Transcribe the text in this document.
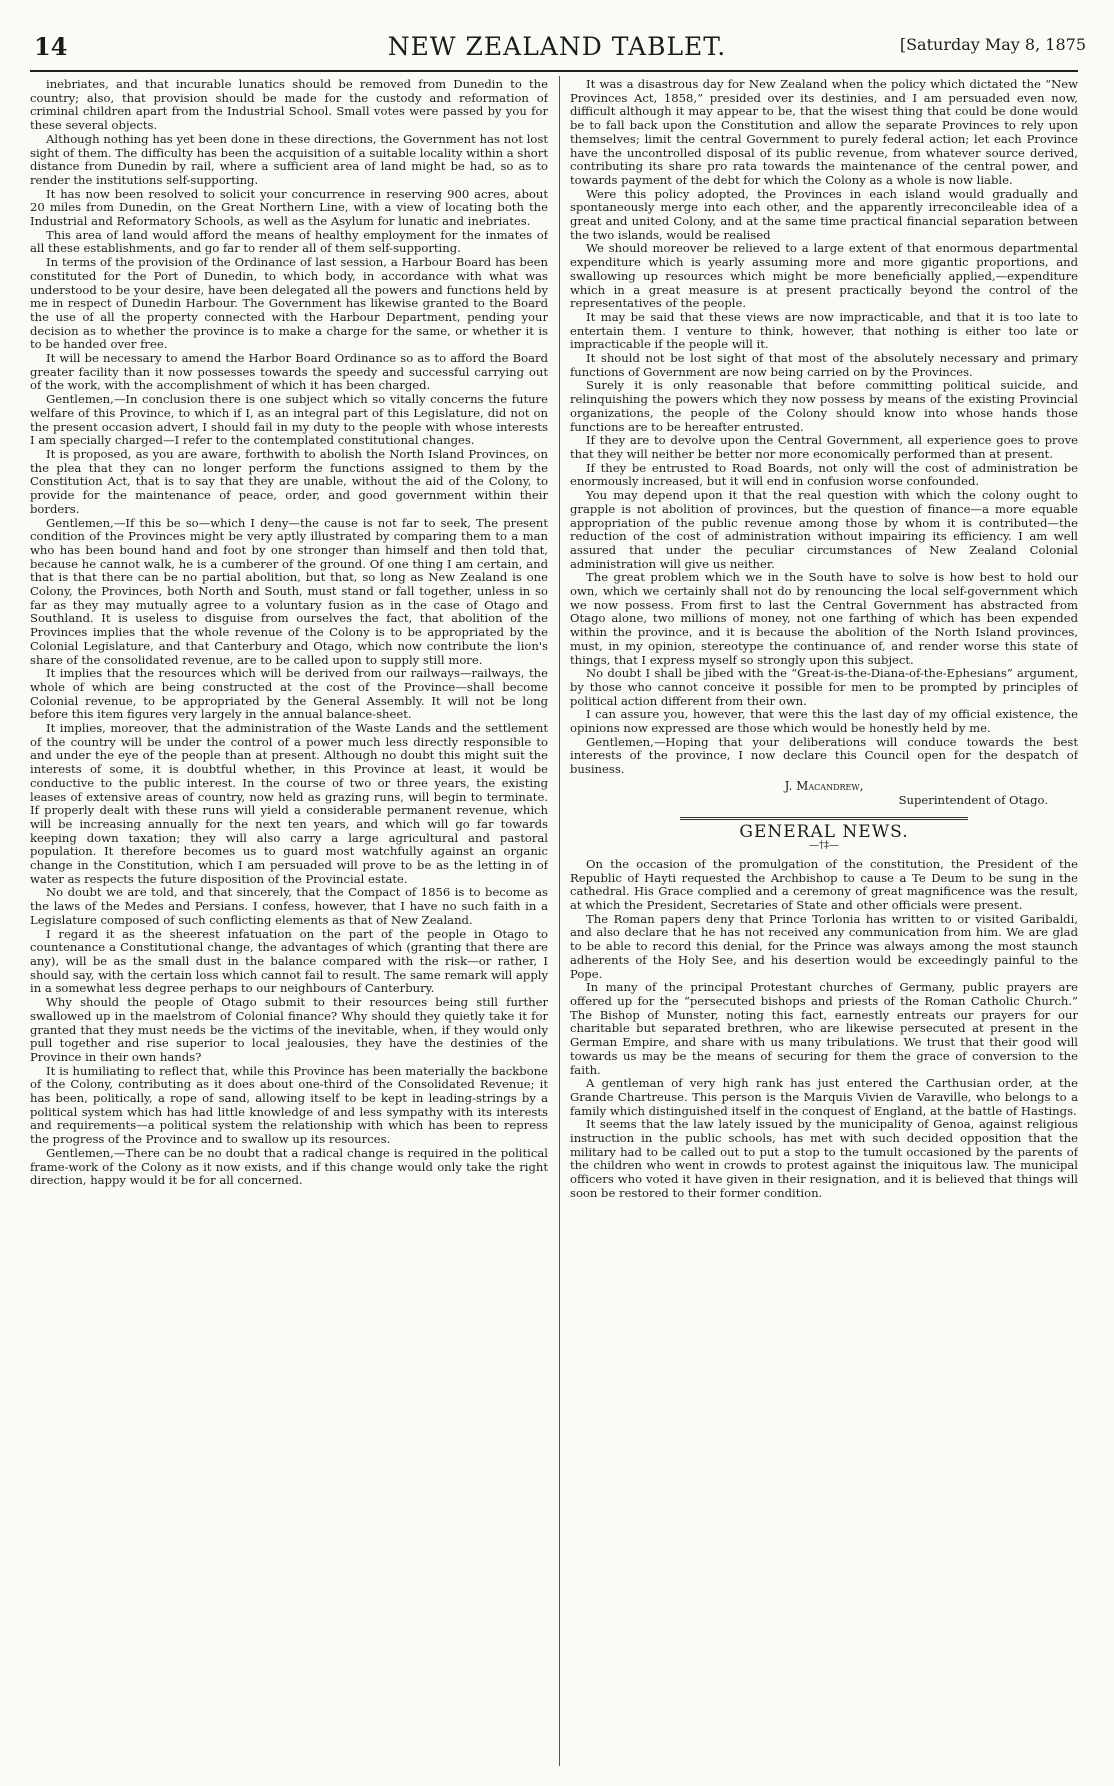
14	NEW ZEALAND TABLET.	[Saturday May 8, 1875

inebriates, and that incurable lunatics should be removed from Dunedin to the country; also, that provision should be made for the custody and reformation of criminal children apart from the Industrial School. Small votes were passed by you for these several objects.

Although nothing has yet been done in these directions, the Government has not lost sight of them. The difficulty has been the acquisition of a suitable locality within a short distance from Dunedin by rail, where a sufficient area of land might be had, so as to render the institutions self-supporting.

It has now been resolved to solicit your concurrence in reserving 900 acres, about 20 miles from Dunedin, on the Great Northern Line, with a view of locating both the Industrial and Reformatory Schools, as well as the Asylum for lunatic and inebriates.

This area of land would afford the means of healthy employment for the inmates of all these establishments, and go far to render all of them self-supporting.

In terms of the provision of the Ordinance of last session, a Harbour Board has been constituted for the Port of Dunedin, to which body, in accordance with what was understood to be your desire, have been delegated all the powers and functions held by me in respect of Dunedin Harbour. The Government has likewise granted to the Board the use of all the property connected with the Harbour Department, pending your decision as to whether the province is to make a charge for the same, or whether it is to be handed over free.

It will be necessary to amend the Harbor Board Ordinance so as to afford the Board greater facility than it now possesses towards the speedy and successful carrying out of the work, with the accomplishment of which it has been charged.

Gentlemen,—In conclusion there is one subject which so vitally concerns the future welfare of this Province, to which if I, as an integral part of this Legislature, did not on the present occasion advert, I should fail in my duty to the people with whose interests I am specially charged—I refer to the contemplated constitutional changes.

It is proposed, as you are aware, forthwith to abolish the North Island Provinces, on the plea that they can no longer perform the functions assigned to them by the Constitution Act, that is to say that they are unable, without the aid of the Colony, to provide for the maintenance of peace, order, and good government within their borders.

Gentlemen,—If this be so—which I deny—the cause is not far to seek, The present condition of the Provinces might be very aptly illustrated by comparing them to a man who has been bound hand and foot by one stronger than himself and then told that, because he cannot walk, he is a cumberer of the ground. Of one thing I am certain, and that is that there can be no partial abolition, but that, so long as New Zealand is one Colony, the Provinces, both North and South, must stand or fall together, unless in so far as they may mutually agree to a voluntary fusion as in the case of Otago and Southland. It is useless to disguise from ourselves the fact, that abolition of the Provinces implies that the whole revenue of the Colony is to be appropriated by the Colonial Legislature, and that Canterbury and Otago, which now contribute the lion's share of the consolidated revenue, are to be called upon to supply still more.

It implies that the resources which will be derived from our railways—railways, the whole of which are being constructed at the cost of the Province—shall become Colonial revenue, to be appropriated by the General Assembly. It will not be long before this item figures very largely in the annual balance-sheet.

It implies, moreover, that the administration of the Waste Lands and the settlement of the country will be under the control of a power much less directly responsible to and under the eye of the people than at present. Although no doubt this might suit the interests of some, it is doubtful whether, in this Province at least, it would be conductive to the public interest. In the course of two or three years, the existing leases of extensive areas of country, now held as grazing runs, will begin to terminate. If properly dealt with these runs will yield a considerable permanent revenue, which will be increasing annually for the next ten years, and which will go far towards keeping down taxation; they will also carry a large agricultural and pastoral population. It therefore becomes us to guard most watchfully against an organic change in the Constitution, which I am persuaded will prove to be as the letting in of water as respects the future disposition of the Provincial estate.

No doubt we are told, and that sincerely, that the Compact of 1856 is to become as the laws of the Medes and Persians. I confess, however, that I have no such faith in a Legislature composed of such conflicting elements as that of New Zealand.

I regard it as the sheerest infatuation on the part of the people in Otago to countenance a Constitutional change, the advantages of which (granting that there are any), will be as the small dust in the balance compared with the risk—or rather, I should say, with the certain loss which cannot fail to result. The same remark will apply in a somewhat less degree perhaps to our neighbours of Canterbury.

Why should the people of Otago submit to their resources being still further swallowed up in the maelstrom of Colonial finance? Why should they quietly take it for granted that they must needs be the victims of the inevitable, when, if they would only pull together and rise superior to local jealousies, they have the destinies of the Province in their own hands?

It is humiliating to reflect that, while this Province has been materially the backbone of the Colony, contributing as it does about one-third of the Consolidated Revenue; it has been, politically, a rope of sand, allowing itself to be kept in leading-strings by a political system which has had little knowledge of and less sympathy with its interests and requirements—a political system the relationship with which has been to repress the progress of the Province and to swallow up its resources.

Gentlemen,—There can be no doubt that a radical change is required in the political frame-work of the Colony as it now exists, and if this change would only take the right direction, happy would it be for all concerned.

It was a disastrous day for New Zealand when the policy which dictated the “New Provinces Act, 1858,” presided over its destinies, and I am persuaded even now, difficult although it may appear to be, that the wisest thing that could be done would be to fall back upon the Constitution and allow the separate Provinces to rely upon themselves; limit the central Government to purely federal action; let each Province have the uncontrolled disposal of its public revenue, from whatever source derived, contributing its share pro rata towards the maintenance of the central power, and towards payment of the debt for which the Colony as a whole is now liable.

Were this policy adopted, the Provinces in each island would gradually and spontaneously merge into each other, and the apparently irreconcileable idea of a great and united Colony, and at the same time practical financial separation between the two islands, would be realised

We should moreover be relieved to a large extent of that enormous departmental expenditure which is yearly assuming more and more gigantic proportions, and swallowing up resources which might be more beneficially applied,—expenditure which in a great measure is at present practically beyond the control of the representatives of the people.

It may be said that these views are now impracticable, and that it is too late to entertain them. I venture to think, however, that nothing is either too late or impracticable if the people will it.

It should not be lost sight of that most of the absolutely necessary and primary functions of Government are now being carried on by the Provinces.

Surely it is only reasonable that before committing political suicide, and relinquishing the powers which they now possess by means of the existing Provincial organizations, the people of the Colony should know into whose hands those functions are to be hereafter entrusted.

If they are to devolve upon the Central Government, all experience goes to prove that they will neither be better nor more economically performed than at present.

If they be entrusted to Road Boards, not only will the cost of administration be enormously increased, but it will end in confusion worse confounded.

You may depend upon it that the real question with which the colony ought to grapple is not abolition of provinces, but the question of finance—a more equable appropriation of the public revenue among those by whom it is contributed—the reduction of the cost of administration without impairing its efficiency. I am well assured that under the peculiar circumstances of New Zealand Colonial administration will give us neither.

The great problem which we in the South have to solve is how best to hold our own, which we certainly shall not do by renouncing the local self-government which we now possess. From first to last the Central Government has abstracted from Otago alone, two millions of money, not one farthing of which has been expended within the province, and it is because the abolition of the North Island provinces, must, in my opinion, stereotype the continuance of, and render worse this state of things, that I express myself so strongly upon this subject.

No doubt I shall be jibed with the “Great-is-the-Diana-of-the-Ephesians” argument, by those who cannot conceive it possible for men to be prompted by principles of political action different from their own.

I can assure you, however, that were this the last day of my official existence, the opinions now expressed are those which would be honestly held by me.

Gentlemen,—Hoping that your deliberations will conduce towards the best interests of the province, I now declare this Council open for the despatch of business.

J. Macandrew,
Superintendent of Otago.
GENERAL NEWS.
—†‡—

On the occasion of the promulgation of the constitution, the President of the Republic of Hayti requested the Archbishop to cause a Te Deum to be sung in the cathedral. His Grace complied and a ceremony of great magnificence was the result, at which the President, Secretaries of State and other officials were present.

The Roman papers deny that Prince Torlonia has written to or visited Garibaldi, and also declare that he has not received any communication from him. We are glad to be able to record this denial, for the Prince was always among the most staunch adherents of the Holy See, and his desertion would be exceedingly painful to the Pope.

In many of the principal Protestant churches of Germany, public prayers are offered up for the “persecuted bishops and priests of the Roman Catholic Church.” The Bishop of Munster, noting this fact, earnestly entreats our prayers for our charitable but separated brethren, who are likewise persecuted at present in the German Empire, and share with us many tribulations. We trust that their good will towards us may be the means of securing for them the grace of conversion to the faith.

A gentleman of very high rank has just entered the Carthusian order, at the Grande Chartreuse. This person is the Marquis Vivien de Varaville, who belongs to a family which distinguished itself in the conquest of England, at the battle of Hastings.

It seems that the law lately issued by the municipality of Genoa, against religious instruction in the public schools, has met with such decided opposition that the military had to be called out to put a stop to the tumult occasioned by the parents of the children who went in crowds to protest against the iniquitous law. The municipal officers who voted it have given in their resignation, and it is believed that things will soon be restored to their former condition.
